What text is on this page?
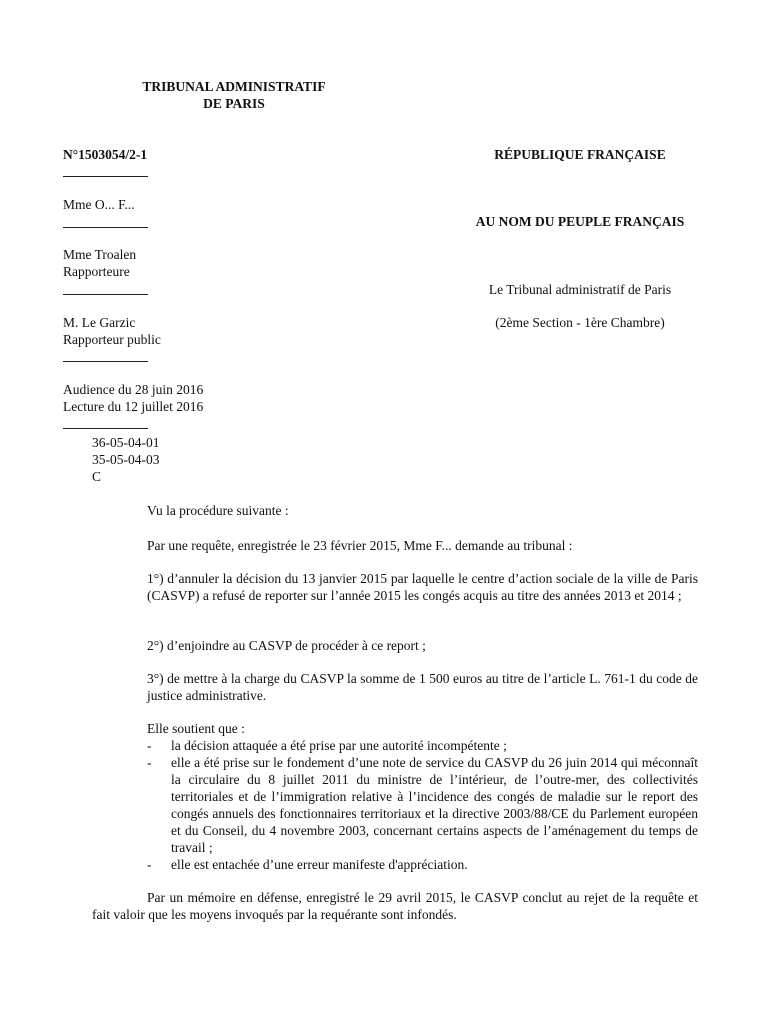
TRIBUNAL ADMINISTRATIF
DE PARIS
N°1503054/2-1
Mme O... F...
Mme Troalen
Rapporteure
M. Le Garzic
Rapporteur public
Audience du 28 juin 2016
Lecture du 12 juillet 2016
36-05-04-01
35-05-04-03
C
RÉPUBLIQUE FRANÇAISE
AU NOM DU PEUPLE FRANÇAIS
Le Tribunal administratif de Paris
(2ème Section - 1ère Chambre)
Vu la procédure suivante :
Par une requête, enregistrée le 23 février 2015, Mme F... demande au tribunal :
1°) d’annuler la décision du 13 janvier 2015 par laquelle le centre d’action sociale de la ville de Paris (CASVP) a refusé de reporter sur l’année 2015 les congés acquis au titre des années 2013 et 2014 ;
2°) d’enjoindre au CASVP de procéder à ce report ;
3°) de mettre à la charge du CASVP la somme de 1 500 euros au titre de l’article L. 761-1 du code de justice administrative.
Elle soutient que :
- la décision attaquée a été prise par une autorité incompétente ;
- elle a été prise sur le fondement d’une note de service du CASVP du 26 juin 2014 qui méconnaît la circulaire du 8 juillet 2011 du ministre de l’intérieur, de l’outre-mer, des collectivités territoriales et de l’immigration relative à l’incidence des congés de maladie sur le report des congés annuels des fonctionnaires territoriaux et la directive 2003/88/CE du Parlement européen et du Conseil, du 4 novembre 2003, concernant certains aspects de l’aménagement du temps de travail ;
- elle est entachée d’une erreur manifeste d'appréciation.
Par un mémoire en défense, enregistré le 29 avril 2015, le CASVP conclut au rejet de la requête et fait valoir que les moyens invoqués par la requérante sont infondés.
